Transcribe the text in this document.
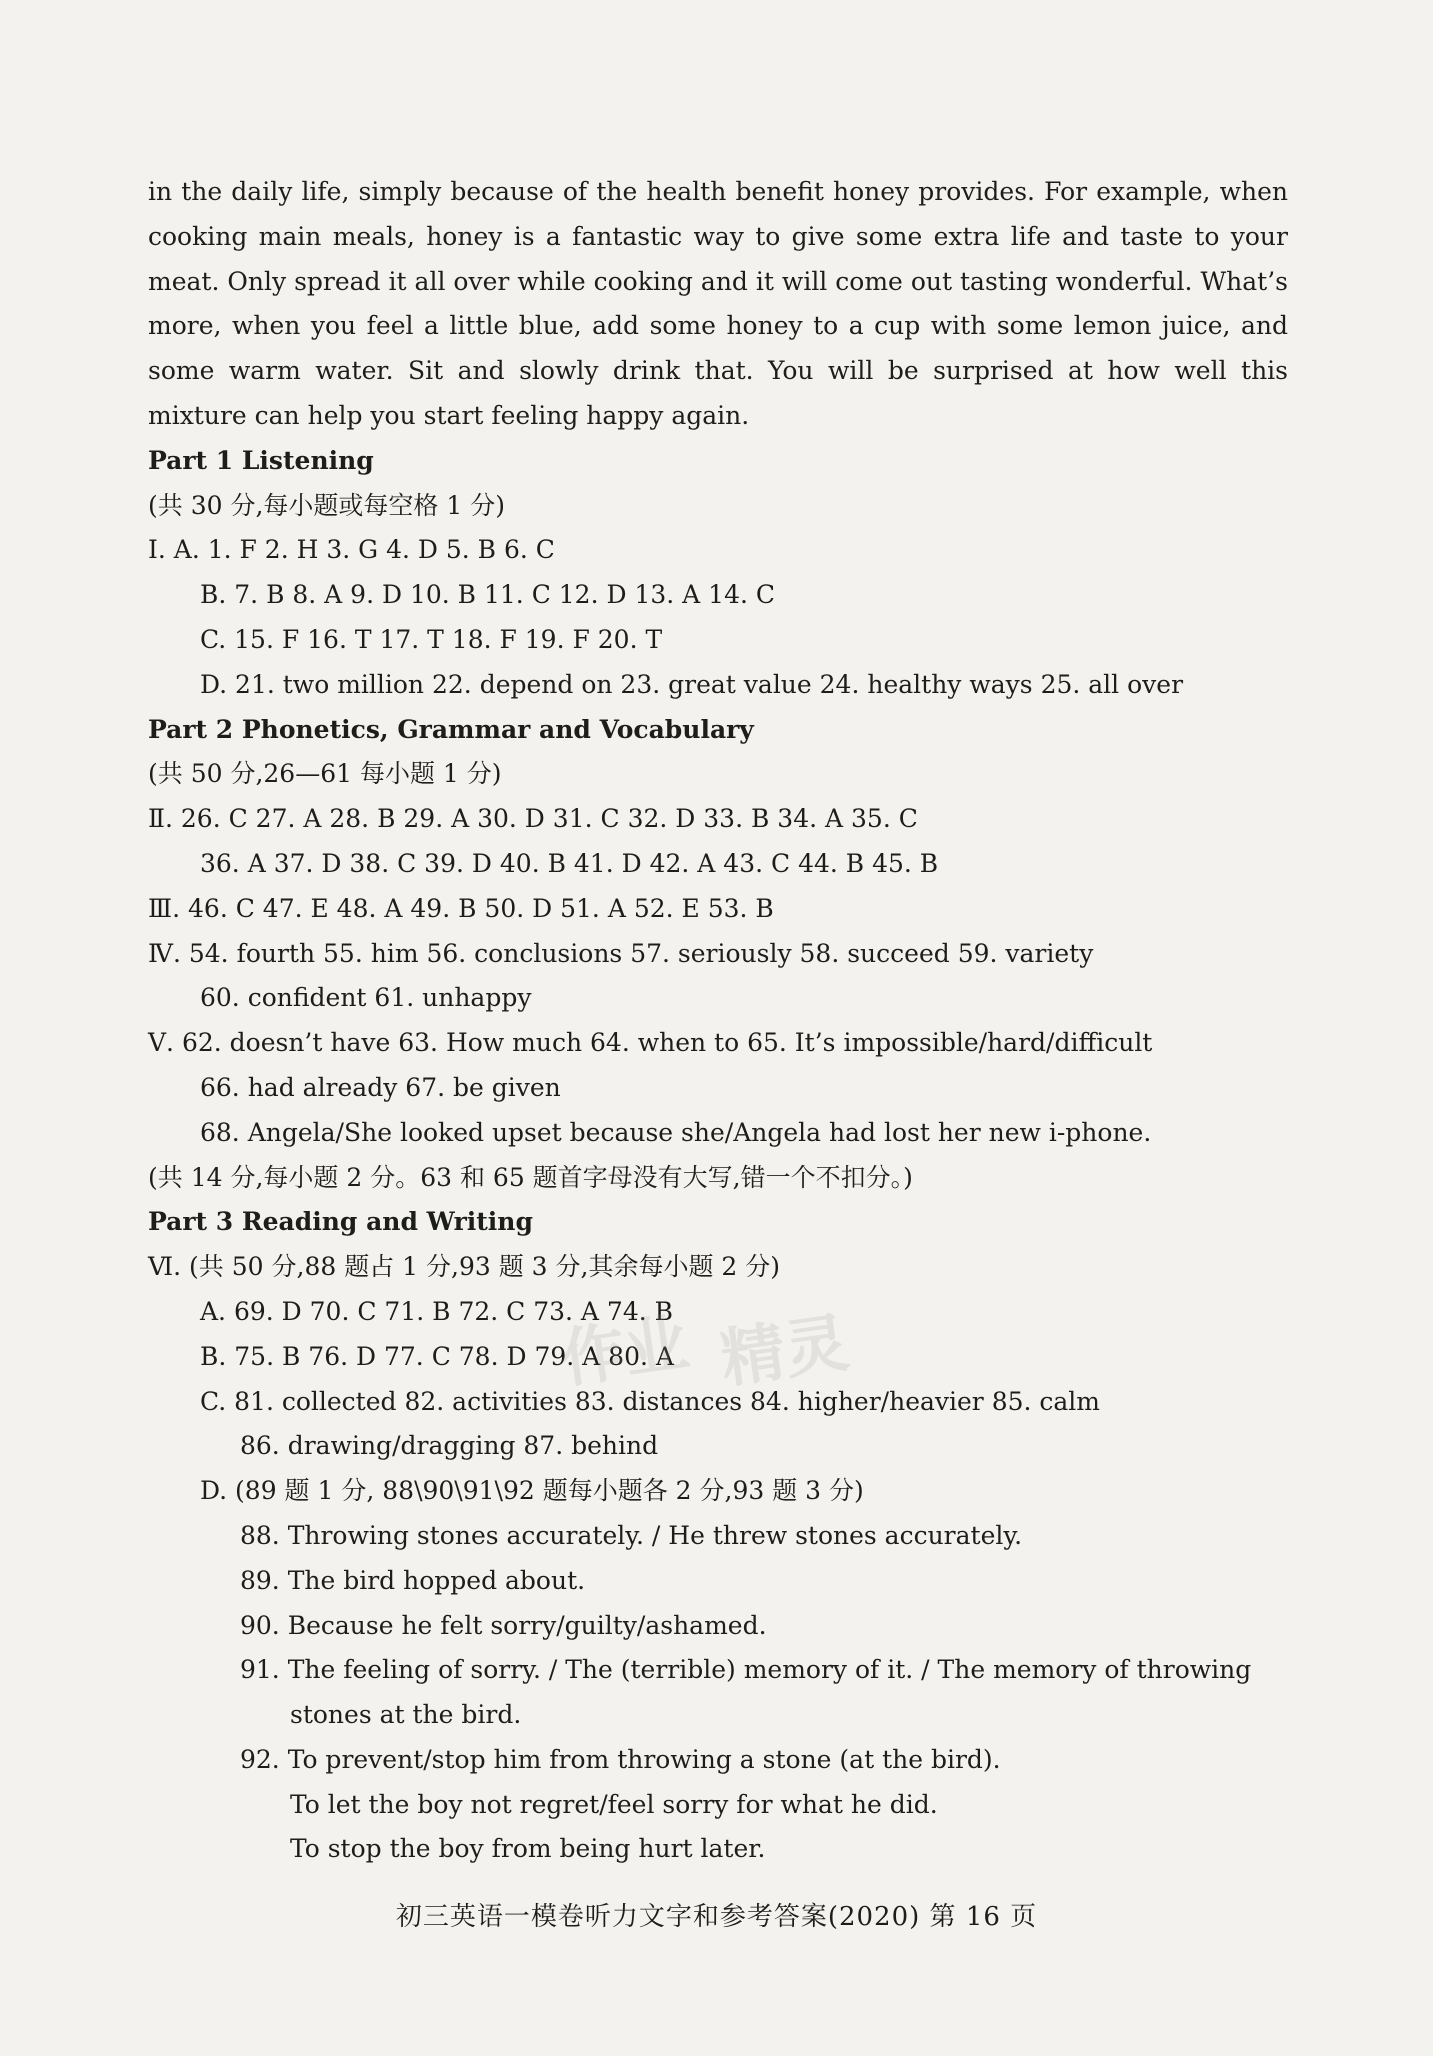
in the daily life, simply because of the health benefit honey provides. For example, when
cooking main meals, honey is a fantastic way to give some extra life and taste to your
meat. Only spread it all over while cooking and it will come out tasting wonderful. What’s
more, when you feel a little blue, add some honey to a cup with some lemon juice, and
some warm water. Sit and slowly drink that. You will be surprised at how well this
mixture can help you start feeling happy again.
Part 1 Listening
(共 30 分,每小题或每空格 1 分)
Ⅰ. A. 1. F 2. H 3. G 4. D 5. B 6. C
B. 7. B 8. A 9. D 10. B 11. C 12. D 13. A 14. C
C. 15. F 16. T 17. T 18. F 19. F 20. T
D. 21. two million 22. depend on 23. great value 24. healthy ways 25. all over
Part 2 Phonetics, Grammar and Vocabulary
(共 50 分,26—61 每小题 1 分)
Ⅱ. 26. C 27. A 28. B 29. A 30. D 31. C 32. D 33. B 34. A 35. C
36. A 37. D 38. C 39. D 40. B 41. D 42. A 43. C 44. B 45. B
Ⅲ. 46. C 47. E 48. A 49. B 50. D 51. A 52. E 53. B
Ⅳ. 54. fourth 55. him 56. conclusions 57. seriously 58. succeed 59. variety
60. confident 61. unhappy
Ⅴ. 62. doesn’t have 63. How much 64. when to 65. It’s impossible/hard/difficult
66. had already 67. be given
68. Angela/She looked upset because she/Angela had lost her new i-phone.
(共 14 分,每小题 2 分。63 和 65 题首字母没有大写,错一个不扣分。)
Part 3 Reading and Writing
Ⅵ. (共 50 分,88 题占 1 分,93 题 3 分,其余每小题 2 分)
A. 69. D 70. C 71. B 72. C 73. A 74. B
B. 75. B 76. D 77. C 78. D 79. A 80. A
C. 81. collected 82. activities 83. distances 84. higher/heavier 85. calm
86. drawing/dragging 87. behind
D. (89 题 1 分, 88\90\91\92 题每小题各 2 分,93 题 3 分)
88. Throwing stones accurately. / He threw stones accurately.
89. The bird hopped about.
90. Because he felt sorry/guilty/ashamed.
91. The feeling of sorry. / The (terrible) memory of it. / The memory of throwing
stones at the bird.
92. To prevent/stop him from throwing a stone (at the bird).
To let the boy not regret/feel sorry for what he did.
To stop the boy from being hurt later.
作业 精灵
初三英语一模卷听力文字和参考答案(2020) 第 16 页
